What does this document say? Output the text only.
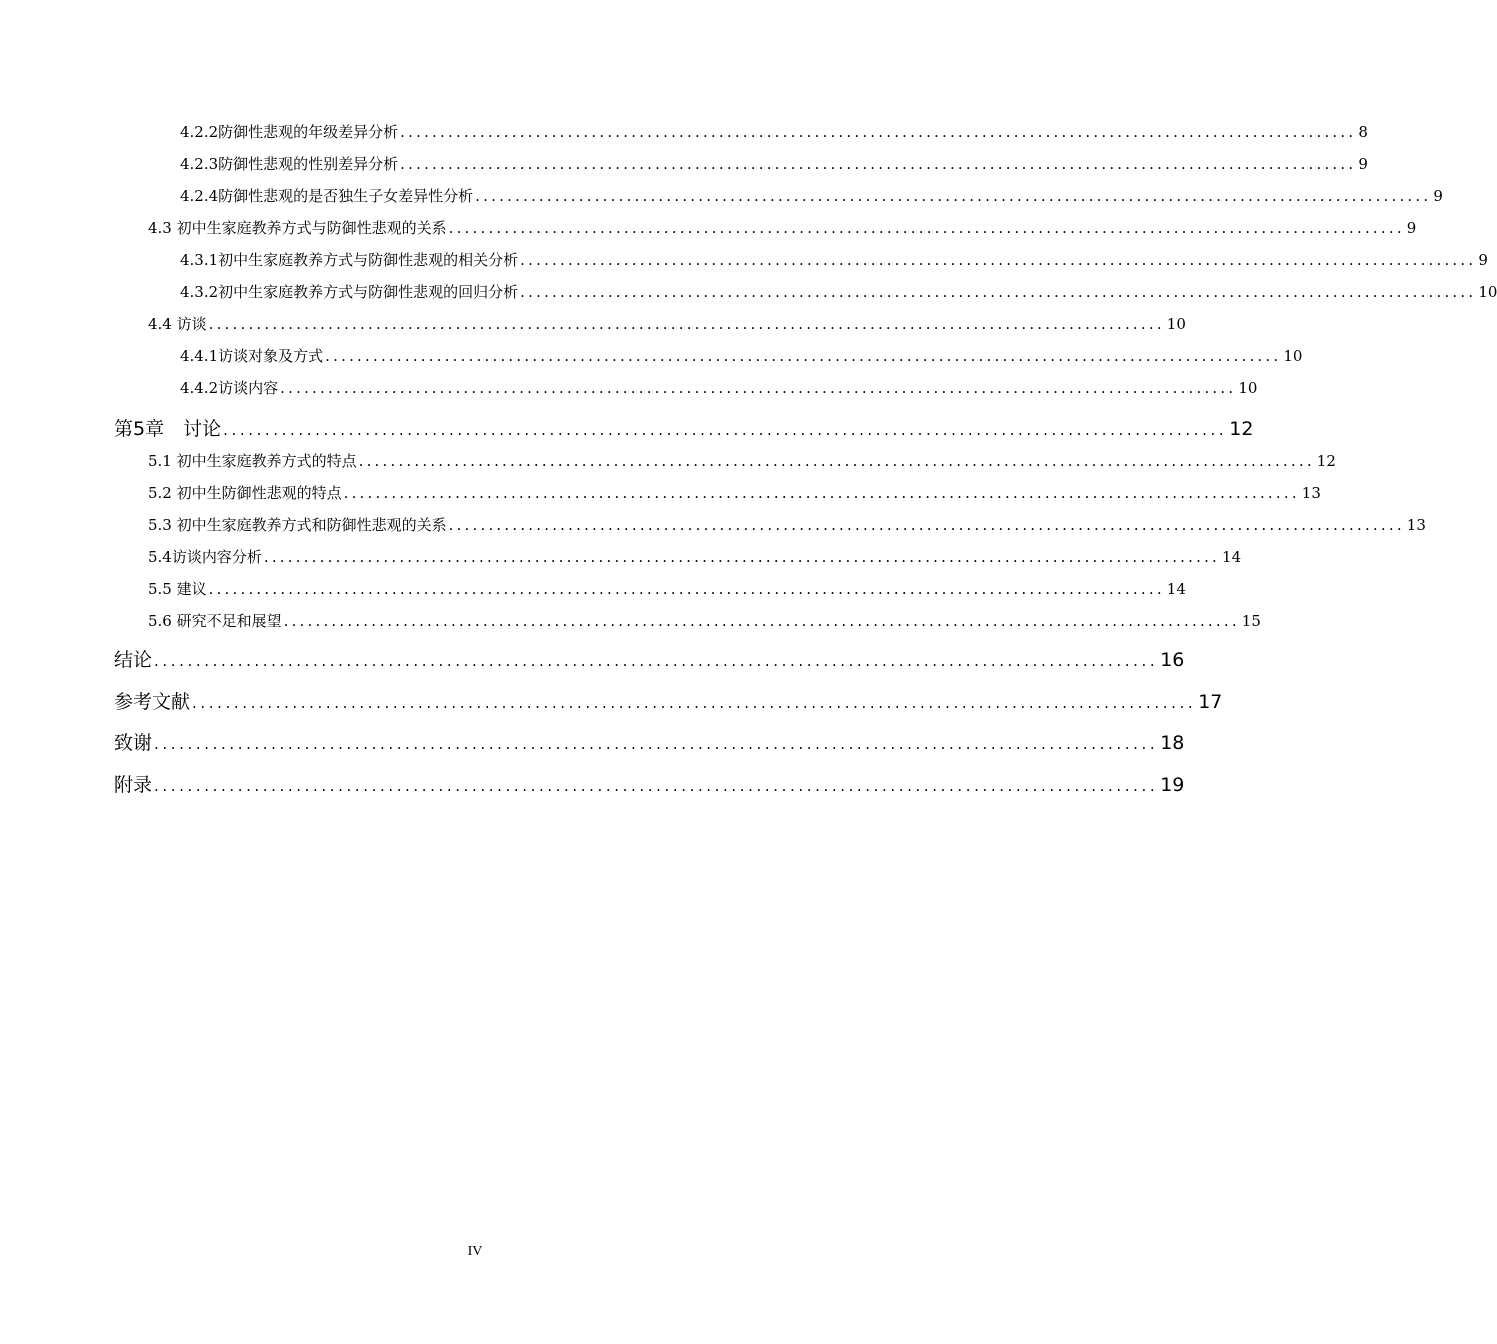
4.2.2防御性悲观的年级差异分析 ........................................................................................................................ 8
4.2.3防御性悲观的性别差异分析 ........................................................................................................................ 9
4.2.4防御性悲观的是否独生子女差异性分析 ........................................................................................................................ 9
4.3 初中生家庭教养方式与防御性悲观的关系 ........................................................................................................................ 9
4.3.1初中生家庭教养方式与防御性悲观的相关分析 ........................................................................................................................ 9
4.3.2初中生家庭教养方式与防御性悲观的回归分析 ........................................................................................................................ 10
4.4 访谈 ........................................................................................................................ 10
4.4.1访谈对象及方式 ........................................................................................................................ 10
4.4.2访谈内容 ........................................................................................................................ 10
第5章　讨论 ........................................................................................................................ 12
5.1 初中生家庭教养方式的特点 ........................................................................................................................ 12
5.2 初中生防御性悲观的特点 ........................................................................................................................ 13
5.3 初中生家庭教养方式和防御性悲观的关系 ........................................................................................................................ 13
5.4访谈内容分析 ........................................................................................................................ 14
5.5 建议 ........................................................................................................................ 14
5.6 研究不足和展望 ........................................................................................................................ 15
结论 ........................................................................................................................ 16
参考文献 ........................................................................................................................ 17
致谢 ........................................................................................................................ 18
附录 ........................................................................................................................ 19
IV
